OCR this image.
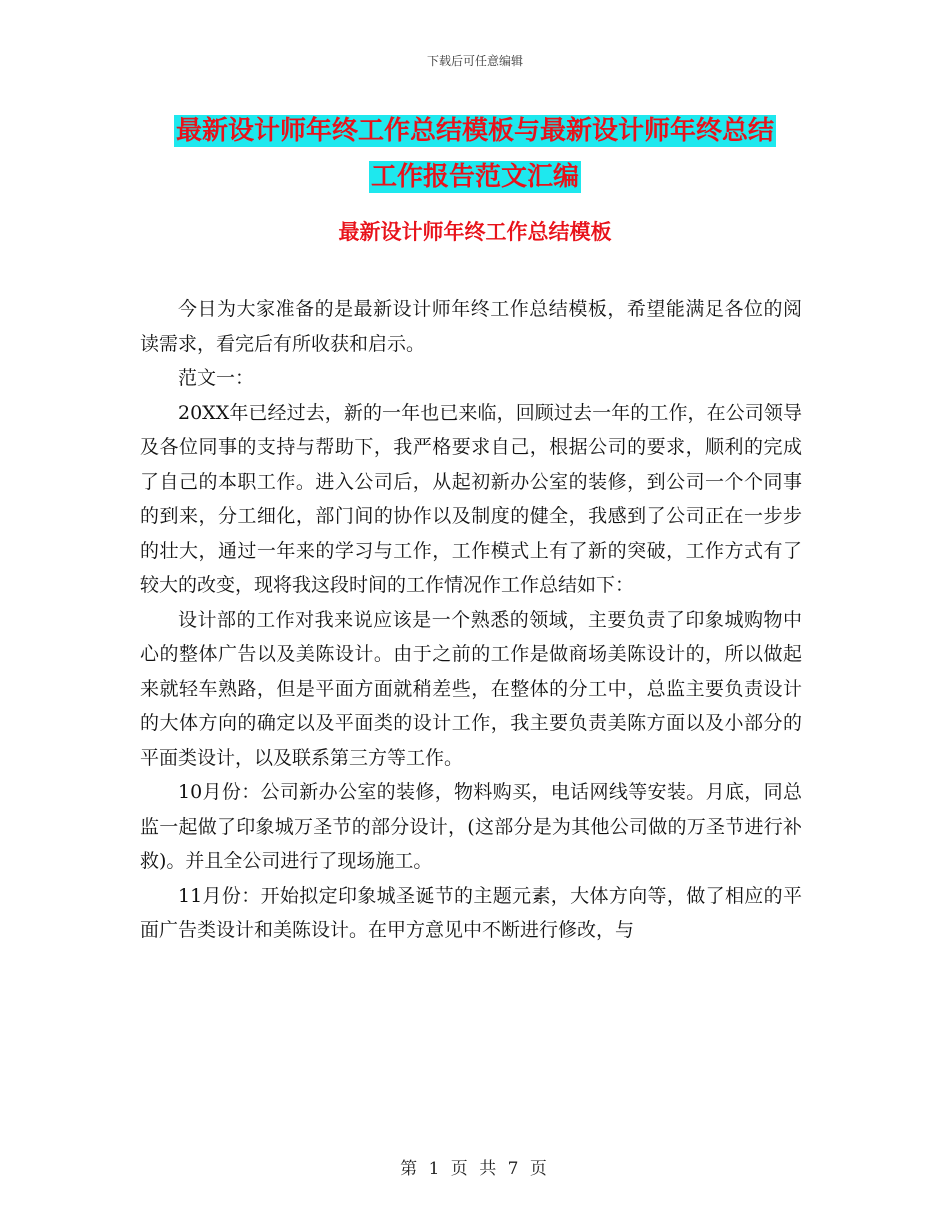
下载后可任意编辑
最新设计师年终工作总结模板与最新设计师年终总结
工作报告范文汇编
最新设计师年终工作总结模板

今日为大家准备的是最新设计师年终工作总结模板，希望能满足各位的阅读需求，看完后有所收获和启示。

范文一：

20XX年已经过去，新的一年也已来临，回顾过去一年的工作，在公司领导及各位同事的支持与帮助下，我严格要求自己，根据公司的要求，顺利的完成了自己的本职工作。进入公司后，从起初新办公室的装修，到公司一个个同事的到来，分工细化，部门间的协作以及制度的健全，我感到了公司正在一步步的壮大，通过一年来的学习与工作，工作模式上有了新的突破，工作方式有了较大的改变，现将我这段时间的工作情况作工作总结如下：

设计部的工作对我来说应该是一个熟悉的领域，主要负责了印象城购物中心的整体广告以及美陈设计。由于之前的工作是做商场美陈设计的，所以做起来就轻车熟路，但是平面方面就稍差些，在整体的分工中，总监主要负责设计的大体方向的确定以及平面类的设计工作，我主要负责美陈方面以及小部分的平面类设计，以及联系第三方等工作。

10月份：公司新办公室的装修，物料购买，电话网线等安装。月底，同总监一起做了印象城万圣节的部分设计，(这部分是为其他公司做的万圣节进行补救)。并且全公司进行了现场施工。

11月份：开始拟定印象城圣诞节的主题元素，大体方向等，做了相应的平面广告类设计和美陈设计。在甲方意见中不断进行修改，与

第 1 页 共 7 页
